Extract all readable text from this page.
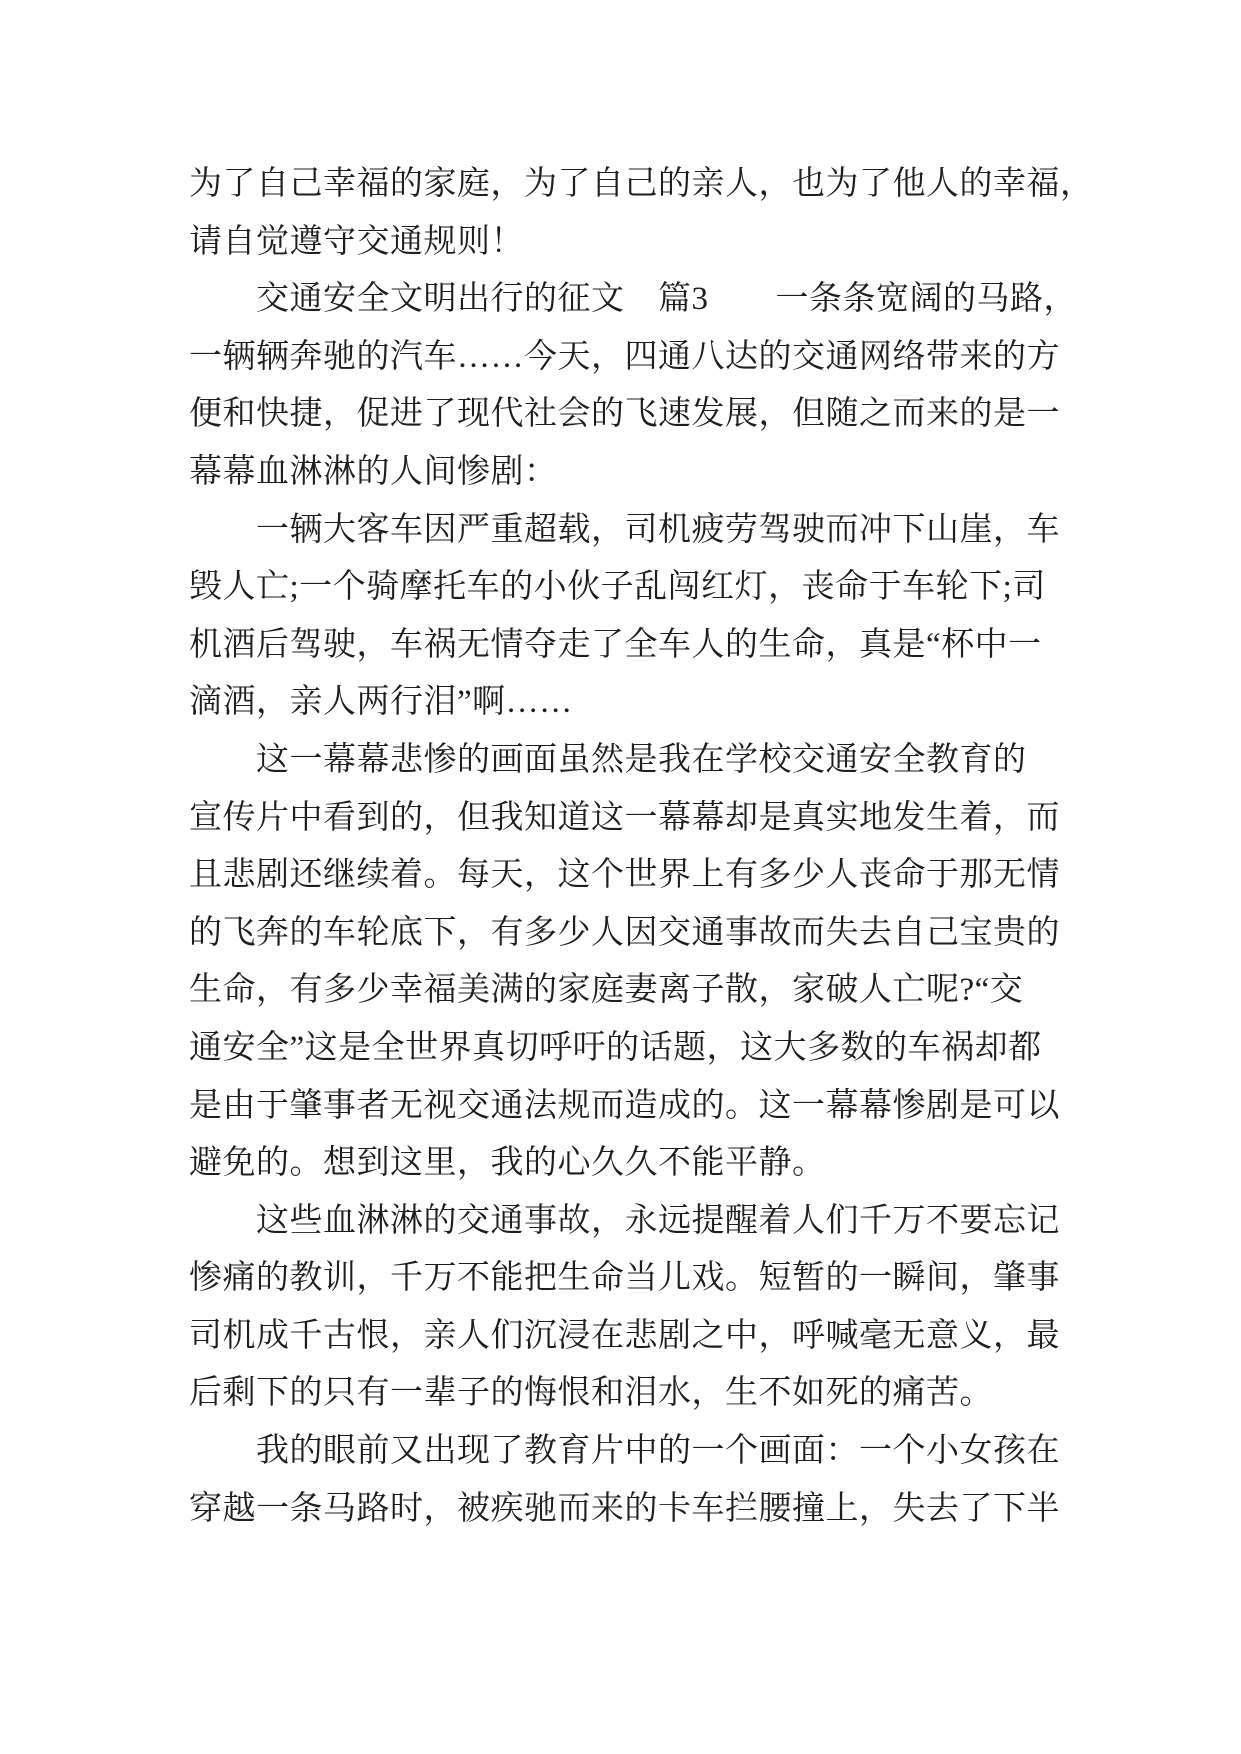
为了自己幸福的家庭，为了自己的亲人，也为了他人的幸福，
请自觉遵守交通规则！
交通安全文明出行的征文　篇3　　一条条宽阔的马路，
一辆辆奔驰的汽车……今天，四通八达的交通网络带来的方
便和快捷，促进了现代社会的飞速发展，但随之而来的是一
幕幕血淋淋的人间惨剧：
一辆大客车因严重超载，司机疲劳驾驶而冲下山崖，车
毁人亡;一个骑摩托车的小伙子乱闯红灯，丧命于车轮下;司
机酒后驾驶，车祸无情夺走了全车人的生命，真是“杯中一
滴酒，亲人两行泪”啊……
这一幕幕悲惨的画面虽然是我在学校交通安全教育的
宣传片中看到的，但我知道这一幕幕却是真实地发生着，而
且悲剧还继续着。每天，这个世界上有多少人丧命于那无情
的飞奔的车轮底下，有多少人因交通事故而失去自己宝贵的
生命，有多少幸福美满的家庭妻离子散，家破人亡呢?“交
通安全”这是全世界真切呼吁的话题，这大多数的车祸却都
是由于肇事者无视交通法规而造成的。这一幕幕惨剧是可以
避免的。想到这里，我的心久久不能平静。
这些血淋淋的交通事故，永远提醒着人们千万不要忘记
惨痛的教训，千万不能把生命当儿戏。短暂的一瞬间，肇事
司机成千古恨，亲人们沉浸在悲剧之中，呼喊毫无意义，最
后剩下的只有一辈子的悔恨和泪水，生不如死的痛苦。
我的眼前又出现了教育片中的一个画面：一个小女孩在
穿越一条马路时，被疾驰而来的卡车拦腰撞上，失去了下半
